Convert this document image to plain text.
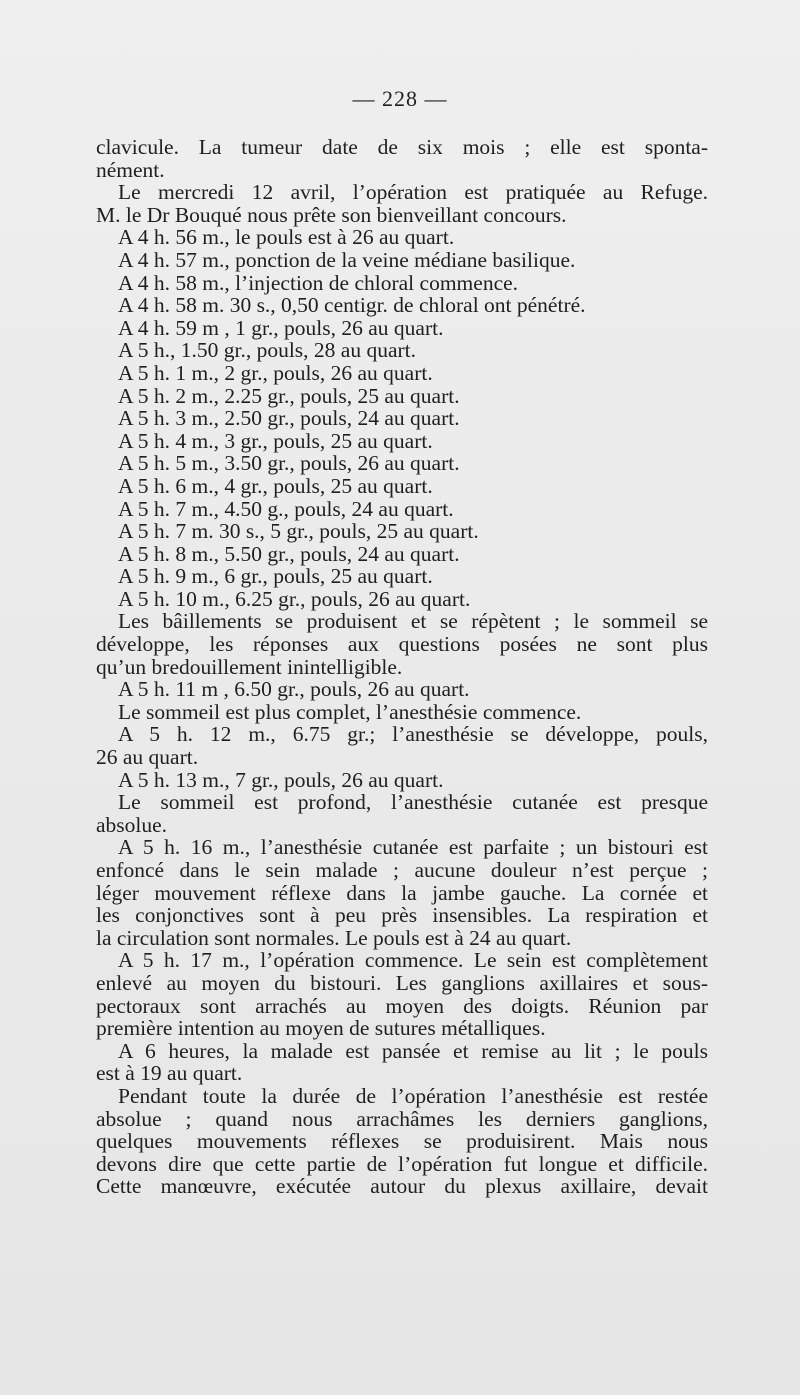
— 228 —
clavicule. La tumeur date de six mois ; elle est sponta-
nément.
Le mercredi 12 avril, l’opération est pratiquée au Refuge.
M. le Dr Bouqué nous prête son bienveillant concours.
A 4 h. 56 m., le pouls est à 26 au quart.
A 4 h. 57 m., ponction de la veine médiane basilique.
A 4 h. 58 m., l’injection de chloral commence.
A 4 h. 58 m. 30 s., 0,50 centigr. de chloral ont pénétré.
A 4 h. 59 m , 1 gr., pouls, 26 au quart.
A 5 h., 1.50 gr., pouls, 28 au quart.
A 5 h. 1 m., 2 gr., pouls, 26 au quart.
A 5 h. 2 m., 2.25 gr., pouls, 25 au quart.
A 5 h. 3 m., 2.50 gr., pouls, 24 au quart.
A 5 h. 4 m., 3 gr., pouls, 25 au quart.
A 5 h. 5 m., 3.50 gr., pouls, 26 au quart.
A 5 h. 6 m., 4 gr., pouls, 25 au quart.
A 5 h. 7 m., 4.50 g., pouls, 24 au quart.
A 5 h. 7 m. 30 s., 5 gr., pouls, 25 au quart.
A 5 h. 8 m., 5.50 gr., pouls, 24 au quart.
A 5 h. 9 m., 6 gr., pouls, 25 au quart.
A 5 h. 10 m., 6.25 gr., pouls, 26 au quart.
Les bâillements se produisent et se répètent ; le sommeil se
développe, les réponses aux questions posées ne sont plus
qu’un bredouillement inintelligible.
A 5 h. 11 m , 6.50 gr., pouls, 26 au quart.
Le sommeil est plus complet, l’anesthésie commence.
A 5 h. 12 m., 6.75 gr.; l’anesthésie se développe, pouls,
26 au quart.
A 5 h. 13 m., 7 gr., pouls, 26 au quart.
Le sommeil est profond, l’anesthésie cutanée est presque
absolue.
A 5 h. 16 m., l’anesthésie cutanée est parfaite ; un bistouri est
enfoncé dans le sein malade ; aucune douleur n’est perçue ;
léger mouvement réflexe dans la jambe gauche. La cornée et
les conjonctives sont à peu près insensibles. La respiration et
la circulation sont normales. Le pouls est à 24 au quart.
A 5 h. 17 m., l’opération commence. Le sein est complètement
enlevé au moyen du bistouri. Les ganglions axillaires et sous-
pectoraux sont arrachés au moyen des doigts. Réunion par
première intention au moyen de sutures métalliques.
A 6 heures, la malade est pansée et remise au lit ; le pouls
est à 19 au quart.
Pendant toute la durée de l’opération l’anesthésie est restée
absolue ; quand nous arrachâmes les derniers ganglions,
quelques mouvements réflexes se produisirent. Mais nous
devons dire que cette partie de l’opération fut longue et difficile.
Cette manœuvre, exécutée autour du plexus axillaire, devait
